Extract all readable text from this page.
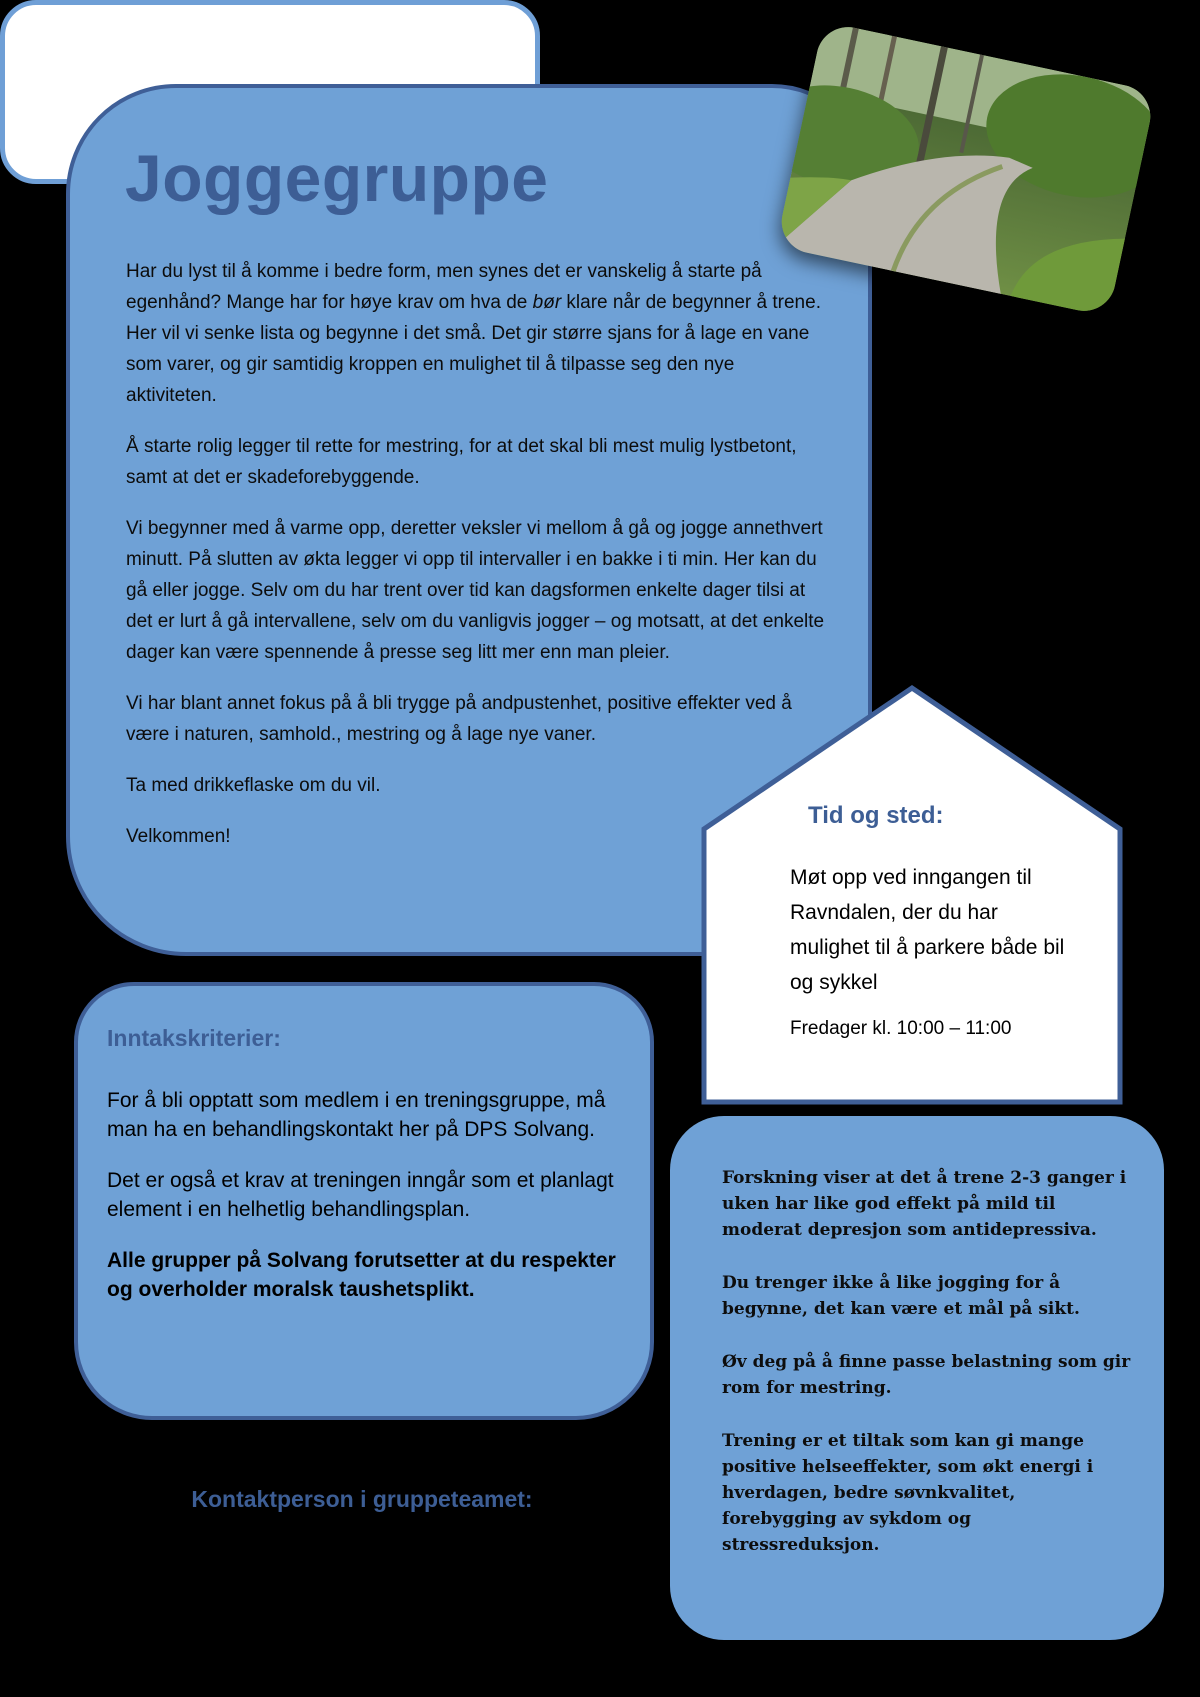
Joggegruppe

Har du lyst til å komme i bedre form, men synes det er vanskelig å starte på egenhånd? Mange har for høye krav om hva de bør klare når de begynner å trene. Her vil vi senke lista og begynne i det små. Det gir større sjans for å lage en vane som varer, og gir samtidig kroppen en mulighet til å tilpasse seg den nye aktiviteten.

Å starte rolig legger til rette for mestring, for at det skal bli mest mulig lystbetont, samt at det er skadeforebyggende.

Vi begynner med å varme opp, deretter veksler vi mellom å gå og jogge annethvert minutt. På slutten av økta legger vi opp til intervaller i en bakke i ti min. Her kan du gå eller jogge. Selv om du har trent over tid kan dagsformen enkelte dager tilsi at det er lurt å gå intervallene, selv om du vanligvis jogger – og motsatt, at det enkelte dager kan være spennende å presse seg litt mer enn man pleier.

Vi har blant annet fokus på å bli trygge på andpustenhet, positive effekter ved å være i naturen, samhold., mestring og å lage nye vaner.

Ta med drikkeflaske om du vil.

Velkommen!

Tid og sted:
Møt opp ved inngangen til Ravndalen, der du har mulighet til å parkere både bil og sykkel
Fredager kl. 10:00 – 11:00
Inntakskriterier:

For å bli opptatt som medlem i en treningsgruppe, må man ha en behandlingskontakt her på DPS Solvang.

Det er også et krav at treningen inngår som et planlagt element i en helhetlig behandlingsplan.

Alle grupper på Solvang forutsetter at du respekter og overholder moralsk taushetsplikt.

Forskning viser at det å trene 2-3 ganger i uken har like god effekt på mild til moderat depresjon som antidepressiva.

Du trenger ikke å like jogging for å begynne, det kan være et mål på sikt.

Øv deg på å finne passe belastning som gir rom for mestring.

Trening er et tiltak som kan gi mange positive helseeffekter, som økt energi i hverdagen, bedre søvnkvalitet, forebygging av sykdom og stressreduksjon.

Kontaktperson i gruppeteamet:
Fysioterapeut Hilde Sandvik-Olsen, tlf 948 59 332
